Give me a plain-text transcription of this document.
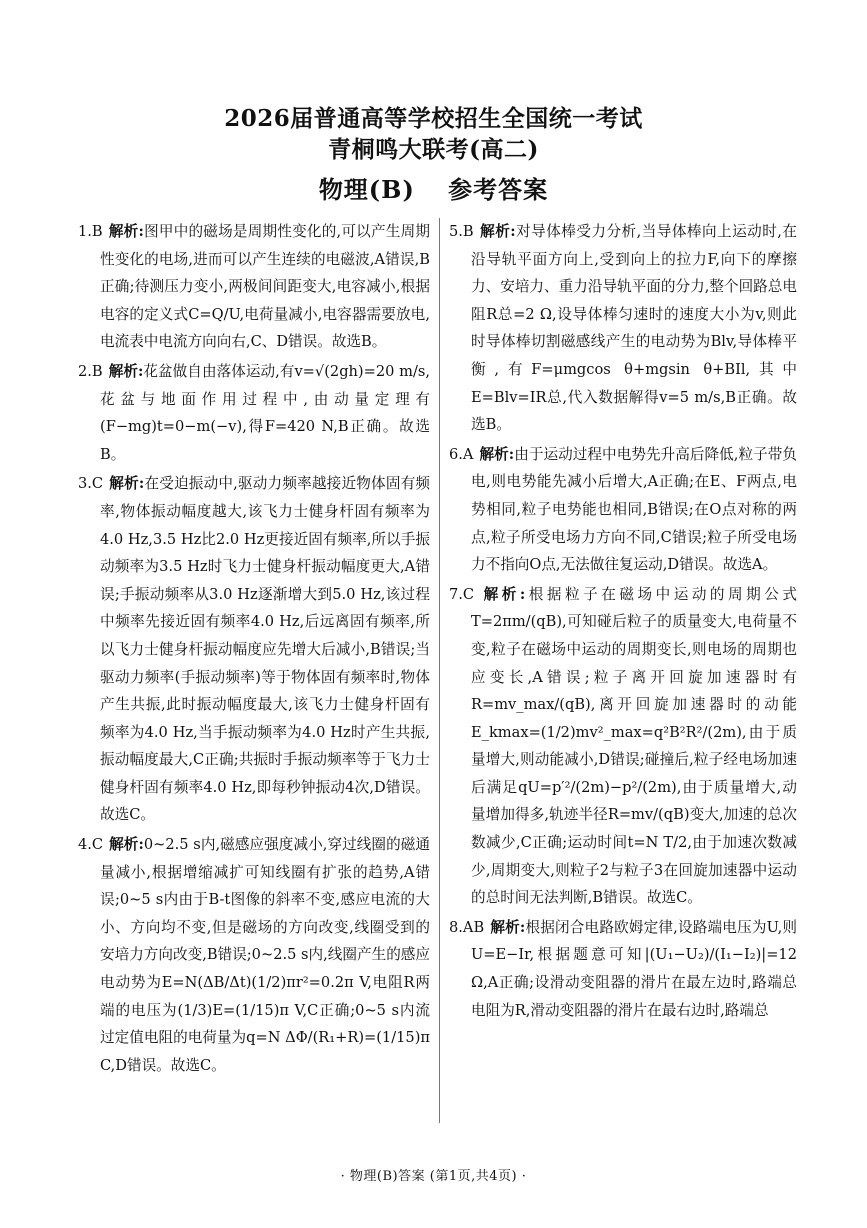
2026届普通高等学校招生全国统一考试
青桐鸣大联考(高二)
物理(B) 参考答案

1.B 解析:图甲中的磁场是周期性变化的,可以产生周期性变化的电场,进而可以产生连续的电磁波,A错误,B正确;待测压力变小,两极间间距变大,电容减小,根据电容的定义式C=Q/U,电荷量减小,电容器需要放电,电流表中电流方向向右,C、D错误。故选B。

2.B 解析:花盆做自由落体运动,有v=√(2gh)=20 m/s,花盆与地面作用过程中,由动量定理有(F−mg)t=0−m(−v),得F=420 N,B正确。故选B。

3.C 解析:在受迫振动中,驱动力频率越接近物体固有频率,物体振动幅度越大,该飞力士健身杆固有频率为4.0 Hz,3.5 Hz比2.0 Hz更接近固有频率,所以手振动频率为3.5 Hz时飞力士健身杆振动幅度更大,A错误;手振动频率从3.0 Hz逐渐增大到5.0 Hz,该过程中频率先接近固有频率4.0 Hz,后远离固有频率,所以飞力士健身杆振动幅度应先增大后减小,B错误;当驱动力频率(手振动频率)等于物体固有频率时,物体产生共振,此时振动幅度最大,该飞力士健身杆固有频率为4.0 Hz,当手振动频率为4.0 Hz时产生共振,振动幅度最大,C正确;共振时手振动频率等于飞力士健身杆固有频率4.0 Hz,即每秒钟振动4次,D错误。故选C。

4.C 解析:0~2.5 s内,磁感应强度减小,穿过线圈的磁通量减小,根据增缩减扩可知线圈有扩张的趋势,A错误;0~5 s内由于B-t图像的斜率不变,感应电流的大小、方向均不变,但是磁场的方向改变,线圈受到的安培力方向改变,B错误;0~2.5 s内,线圈产生的感应电动势为E=N(ΔB/Δt)(1/2)πr²=0.2π V,电阻R两端的电压为(1/3)E=(1/15)π V,C正确;0~5 s内流过定值电阻的电荷量为q=N ΔΦ/(R₁+R)=(1/15)π C,D错误。故选C。

5.B 解析:对导体棒受力分析,当导体棒向上运动时,在沿导轨平面方向上,受到向上的拉力F,向下的摩擦力、安培力、重力沿导轨平面的分力,整个回路总电阻R总=2 Ω,设导体棒匀速时的速度大小为v,则此时导体棒切割磁感线产生的电动势为Blv,导体棒平衡,有F=μmgcos θ+mgsin θ+BIl,其中E=Blv=IR总,代入数据解得v=5 m/s,B正确。故选B。

6.A 解析:由于运动过程中电势先升高后降低,粒子带负电,则电势能先减小后增大,A正确;在E、F两点,电势相同,粒子电势能也相同,B错误;在O点对称的两点,粒子所受电场力方向不同,C错误;粒子所受电场力不指向O点,无法做往复运动,D错误。故选A。

7.C 解析:根据粒子在磁场中运动的周期公式T=2πm/(qB),可知碰后粒子的质量变大,电荷量不变,粒子在磁场中运动的周期变长,则电场的周期也应变长,A错误;粒子离开回旋加速器时有R=mv_max/(qB),离开回旋加速器时的动能E_kmax=(1/2)mv²_max=q²B²R²/(2m),由于质量增大,则动能减小,D错误;碰撞后,粒子经电场加速后满足qU=p′²/(2m)−p²/(2m),由于质量增大,动量增加得多,轨迹半径R=mv/(qB)变大,加速的总次数减少,C正确;运动时间t=N T/2,由于加速次数减少,周期变大,则粒子2与粒子3在回旋加速器中运动的总时间无法判断,B错误。故选C。

8.AB 解析:根据闭合电路欧姆定律,设路端电压为U,则U=E−Ir,根据题意可知|(U₁−U₂)/(I₁−I₂)|=12 Ω,A正确;设滑动变阻器的滑片在最左边时,路端总电阻为R,滑动变阻器的滑片在最右边时,路端总

· 物理(B)答案 (第1页,共4页) ·
